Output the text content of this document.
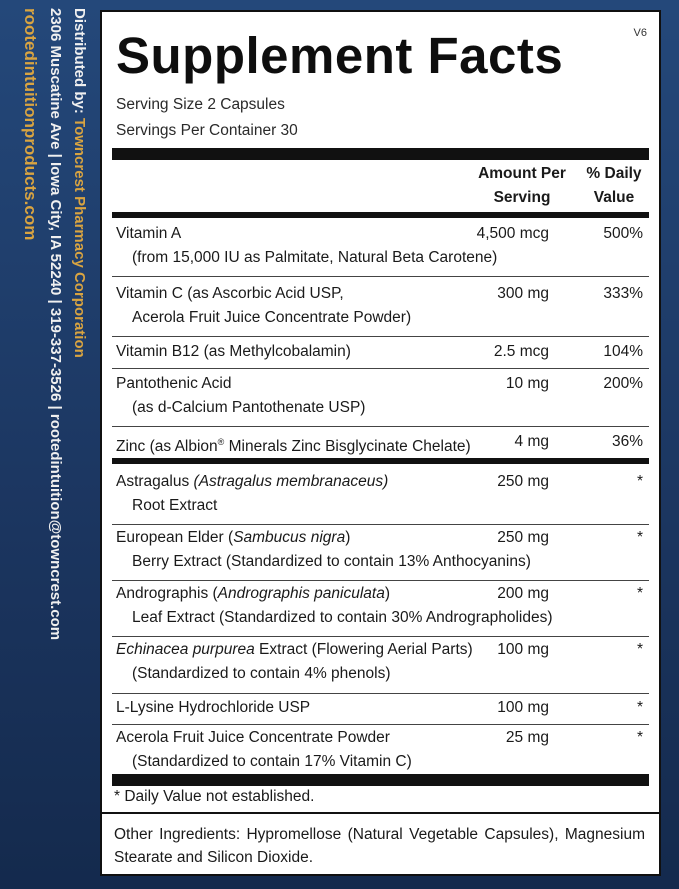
Distributed by: Towncrest Pharmacy Corporation
2306 Muscatine Ave | Iowa City, IA 52240 | 319-337-3526 | rootedintuition@towncrest.com
rootedintuitionproducts.com Supplement Facts	V6
Serving Size 2 Capsules
Servings Per Container 30
Amount Per
Serving
% Daily
Value
Vitamin A
(from 15,000 IU as Palmitate, Natural Beta Carotene)
4,500 mcg	500%
Vitamin C (as Ascorbic Acid USP,
Acerola Fruit Juice Concentrate Powder)
300 mg	333%
Vitamin B12 (as Methylcobalamin)	2.5 mcg	104%
Pantothenic Acid
(as d-Calcium Pantothenate USP)
10 mg	200%
Zinc (as Albion® Minerals Zinc Bisglycinate Chelate)	4 mg	36%
Astragalus (Astragalus membranaceus)
Root Extract
250 mg	*
European Elder (Sambucus nigra)
Berry Extract (Standardized to contain 13% Anthocyanins)
250 mg	*
Andrographis (Andrographis paniculata)
Leaf Extract (Standardized to contain 30% Andrographolides)
200 mg	*
Echinacea purpurea Extract (Flowering Aerial Parts)
(Standardized to contain 4% phenols)
100 mg	*
L-Lysine Hydrochloride USP	100 mg	*
Acerola Fruit Juice Concentrate Powder
(Standardized to contain 17% Vitamin C)
25 mg	*
* Daily Value not established.
Other Ingredients: Hypromellose (Natural Vegetable Capsules), Magnesium Stearate and Silicon Dioxide.
